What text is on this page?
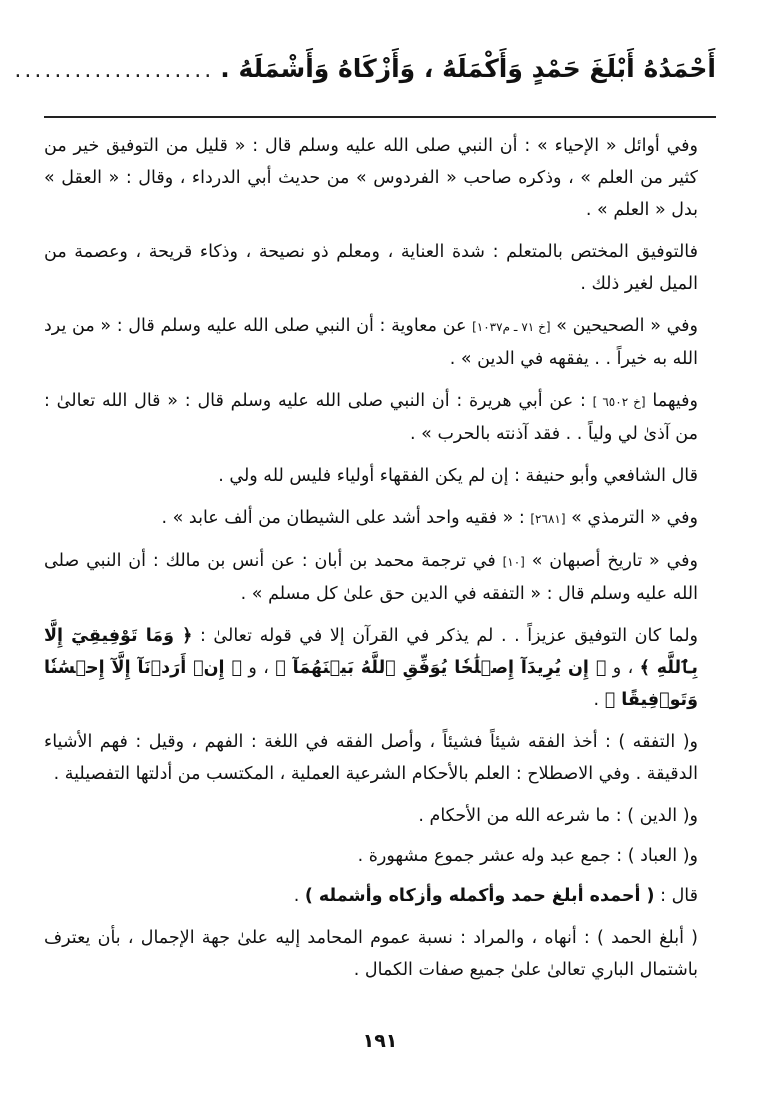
أَحْمَدُهُ أَبْلَغَ حَمْدٍ وَأَكْمَلَهُ ، وَأَزْكَاهُ وَأَشْمَلَهُ .
....................

وفي أوائل « الإحياء » : أن النبي صلى الله عليه وسلم قال : « قليل من التوفيق خير من كثير من العلم » ، وذكره صاحب « الفردوس » من حديث أبي الدرداء ، وقال : « العقل » بدل « العلم » .

فالتوفيق المختص بالمتعلم : شدة العناية ، ومعلم ذو نصيحة ، وذكاء قريحة ، وعصمة من الميل لغير ذلك .

وفي « الصحيحين » [خ ٧١ ـ م١٠٣٧] عن معاوية : أن النبي صلى الله عليه وسلم قال : « من يرد الله به خيراً . . يفقهه في الدين » .

وفيهما [خ ٦٥٠٢ ] : عن أبي هريرة : أن النبي صلى الله عليه وسلم قال : « قال الله تعالىٰ : من آذىٰ لي ولياً . . فقد آذنته بالحرب » .

قال الشافعي وأبو حنيفة : إن لم يكن الفقهاء أولياء فليس لله ولي .

وفي « الترمذي » [٢٦٨١] : « فقيه واحد أشد على الشيطان من ألف عابد » .

وفي « تاريخ أصبهان » [١٠] في ترجمة محمد بن أبان : عن أنس بن مالك : أن النبي صلى الله عليه وسلم قال : « التفقه في الدين حق علىٰ كل مسلم » .

ولما كان التوفيق عزيزاً . . لم يذكر في القرآن إلا في قوله تعالىٰ : ﴿ وَمَا تَوْفِيقِيٓ إِلَّا بِٱللَّهِ ﴾ ، و ﴿ إِن يُرِيدَآ إِصۡلَٰحٗا يُوَفِّقِ ٱللَّهُ بَيۡنَهُمَآ ﴾ ، و ﴿ إِنۡ أَرَدۡنَآ إِلَّآ إِحۡسَٰنٗا وَتَوۡفِيقًا ﴾ .

و( التفقه ) : أخذ الفقه شيئاً فشيئاً ، وأصل الفقه في اللغة : الفهم ، وقيل : فهم الأشياء الدقيقة . وفي الاصطلاح : العلم بالأحكام الشرعية العملية ، المكتسب من أدلتها التفصيلية .

و( الدين ) : ما شرعه الله من الأحكام .

و( العباد ) : جمع عبد وله عشر جموع مشهورة .

قال : ( أحمده أبلغ حمد وأكمله وأزكاه وأشمله ) .

( أبلغ الحمد ) : أنهاه ، والمراد : نسبة عموم المحامد إليه علىٰ جهة الإجمال ، بأن يعترف باشتمال الباري تعالىٰ علىٰ جميع صفات الكمال .

١٩١
